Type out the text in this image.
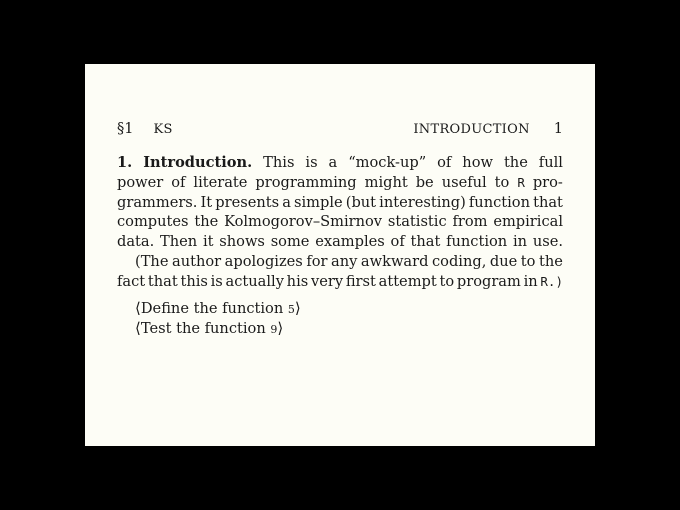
§1 KS	INTRODUCTION 1
1. Introduction. This is a “mock-up” of how the full
power of literate programming might be useful to R pro-
grammers. It presents a simple (but interesting) function that
computes the Kolmogorov–Smirnov statistic from empirical
data. Then it shows some examples of that function in use.
(The author apologizes for any awkward coding, due to the
fact that this is actually his very first attempt to program in R.)
⟨Define the function 5⟩
⟨Test the function 9⟩
